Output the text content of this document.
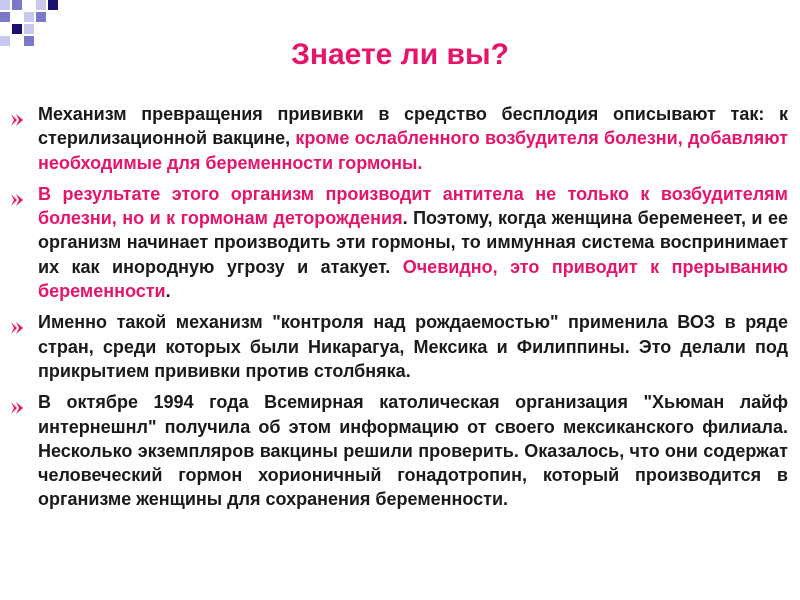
Знаете ли вы?
Механизм превращения прививки в средство бесплодия описывают так: к стерилизационной вакцине, кроме ослабленного возбудителя болезни, добавляют необходимые для беременности гормоны.
В результате этого организм производит антитела не только к возбудителям болезни, но и к гормонам деторождения. Поэтому, когда женщина беременеет, и ее организм начинает производить эти гормоны, то иммунная система воспринимает их как инородную угрозу и атакует. Очевидно, это приводит к прерыванию беременности.
Именно такой механизм "контроля над рождаемостью" применила ВОЗ в ряде стран, среди которых были Никарагуа, Мексика и Филиппины. Это делали под прикрытием прививки против столбняка.
В октябре 1994 года Всемирная католическая организация "Хьюман лайф интернешнл" получила об этом информацию от своего мексиканского филиала. Несколько экземпляров вакцины решили проверить. Оказалось, что они содержат человеческий гормон хорионичный гонадотропин, который производится в организме женщины для сохранения беременности.
